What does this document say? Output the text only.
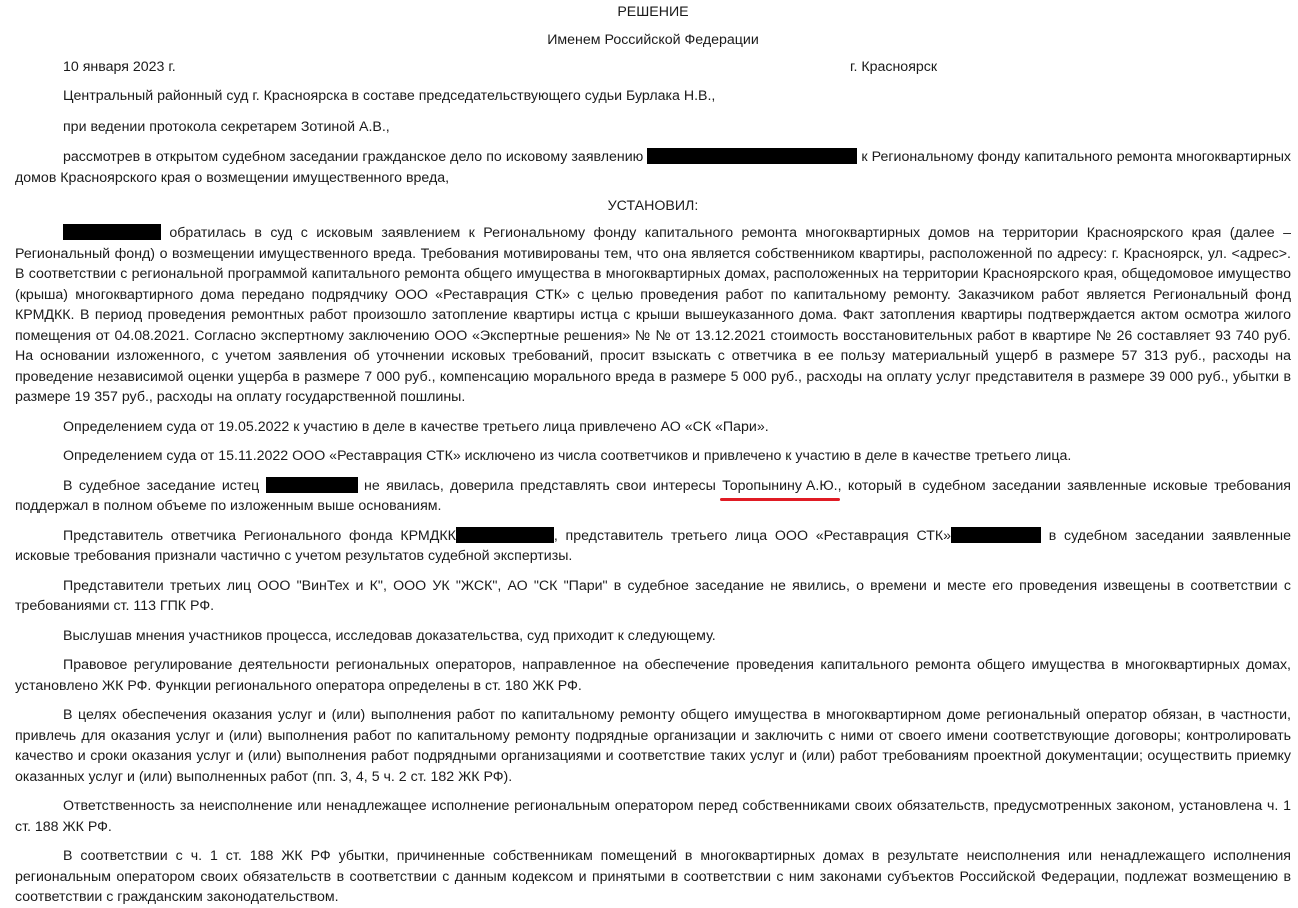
РЕШЕНИЕ
Именем Российской Федерации
10 января 2023 г.	г. Красноярск

Центральный районный суд г. Красноярска в составе председательствующего судьи Бурлака Н.В.,

при ведении протокола секретарем Зотиной А.В.,

рассмотрев в открытом судебном заседании гражданское дело по исковому заявлению	к Региональному фонду капитального ремонта многоквартирных домов Красноярского края о возмещении имущественного вреда,

УСТАНОВИЛ:

обратилась в суд с исковым заявлением к Региональному фонду капитального ремонта многоквартирных домов на территории Красноярского края (далее – Региональный фонд) о возмещении имущественного вреда. Требования мотивированы тем, что она является собственником квартиры, расположенной по адресу: г. Красноярск, ул. <адрес>. В соответствии с региональной программой капитального ремонта общего имущества в многоквартирных домах, расположенных на территории Красноярского края, общедомовое имущество (крыша) многоквартирного дома передано подрядчику ООО «Реставрация СТК» с целью проведения работ по капитальному ремонту. Заказчиком работ является Региональный фонд КРМДКК. В период проведения ремонтных работ произошло затопление квартиры истца с крыши вышеуказанного дома. Факт затопления квартиры подтверждается актом осмотра жилого помещения от 04.08.2021. Согласно экспертному заключению ООО «Экспертные решения» № № от 13.12.2021 стоимость восстановительных работ в квартире № 26 составляет 93 740 руб. На основании изложенного, с учетом заявления об уточнении исковых требований, просит взыскать с ответчика в ее пользу материальный ущерб в размере 57 313 руб., расходы на проведение независимой оценки ущерба в размере 7 000 руб., компенсацию морального вреда в размере 5 000 руб., расходы на оплату услуг представителя в размере 39 000 руб., убытки в размере 19 357 руб., расходы на оплату государственной пошлины.

Определением суда от 19.05.2022 к участию в деле в качестве третьего лица привлечено АО «СК «Пари».

Определением суда от 15.11.2022 ООО «Реставрация СТК» исключено из числа соответчиков и привлечено к участию в деле в качестве третьего лица.

В судебное заседание истец	не явилась, доверила представлять свои интересы Торопынину А.Ю., который в судебном заседании заявленные исковые требования поддержал в полном объеме по изложенным выше основаниям.

Представитель ответчика Регионального фонда КРМДКК	, представитель третьего лица ООО «Реставрация СТК»	в судебном заседании заявленные исковые требования признали частично с учетом результатов судебной экспертизы.

Представители третьих лиц ООО "ВинТех и К", ООО УК "ЖСК", АО "СК "Пари" в судебное заседание не явились, о времени и месте его проведения извещены в соответствии с требованиями ст. 113 ГПК РФ.

Выслушав мнения участников процесса, исследовав доказательства, суд приходит к следующему.

Правовое регулирование деятельности региональных операторов, направленное на обеспечение проведения капитального ремонта общего имущества в многоквартирных домах, установлено ЖК РФ. Функции регионального оператора определены в ст. 180 ЖК РФ.

В целях обеспечения оказания услуг и (или) выполнения работ по капитальному ремонту общего имущества в многоквартирном доме региональный оператор обязан, в частности, привлечь для оказания услуг и (или) выполнения работ по капитальному ремонту подрядные организации и заключить с ними от своего имени соответствующие договоры; контролировать качество и сроки оказания услуг и (или) выполнения работ подрядными организациями и соответствие таких услуг и (или) работ требованиям проектной документации; осуществить приемку оказанных услуг и (или) выполненных работ (пп. 3, 4, 5 ч. 2 ст. 182 ЖК РФ).

Ответственность за неисполнение или ненадлежащее исполнение региональным оператором перед собственниками своих обязательств, предусмотренных законом, установлена ч. 1 ст. 188 ЖК РФ.

В соответствии с ч. 1 ст. 188 ЖК РФ убытки, причиненные собственникам помещений в многоквартирных домах в результате неисполнения или ненадлежащего исполнения региональным оператором своих обязательств в соответствии с данным кодексом и принятыми в соответствии с ним законами субъектов Российской Федерации, подлежат возмещению в соответствии с гражданским законодательством.
